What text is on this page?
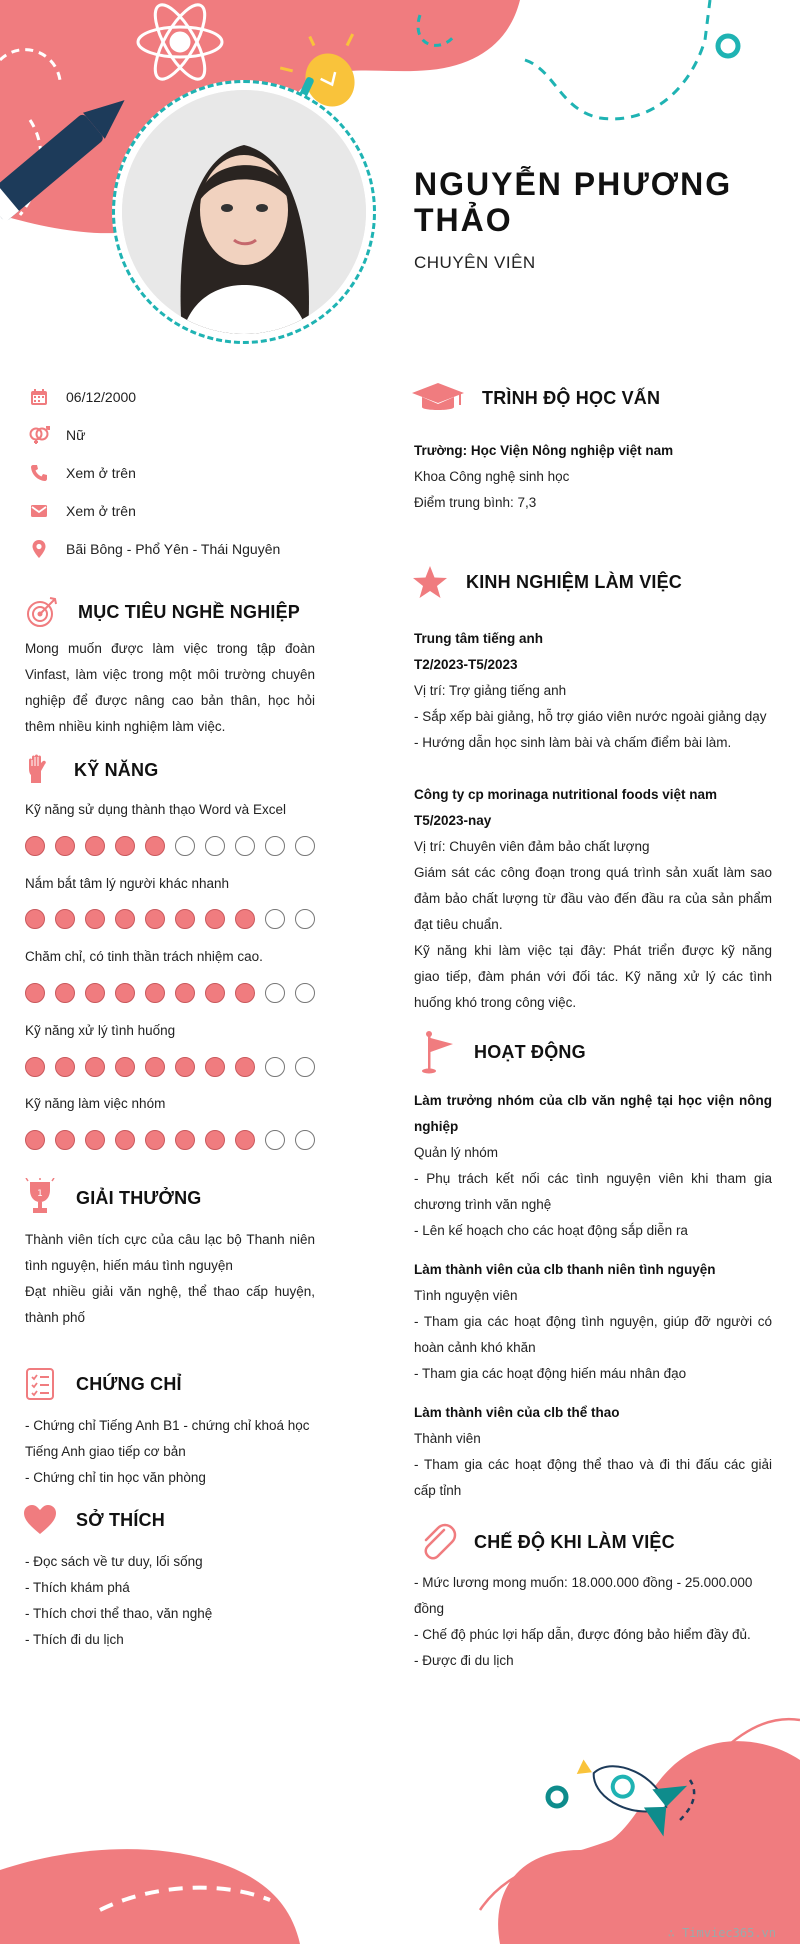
NGUYỄN PHƯƠNG
THẢO
CHUYÊN VIÊN
06/12/2000
Nữ
Xem ở trên
Xem ở trên
Bãi Bông - Phổ Yên - Thái Nguyên
MỤC TIÊU NGHỀ NGHIỆP
Mong muốn được làm việc trong tập đoàn
Vinfast, làm việc trong một môi trường chuyên
nghiệp để được nâng cao bản thân, học hỏi
thêm nhiều kinh nghiệm làm việc.
KỸ NĂNG
Kỹ năng sử dụng thành thạo Word và Excel
Nắm bắt tâm lý người khác nhanh
Chăm chỉ, có tinh thần trách nhiệm cao.
Kỹ năng xử lý tình huống
Kỹ năng làm việc nhóm
1 GIẢI THƯỞNG
Thành viên tích cực của câu lạc bộ Thanh niên
tình nguyện, hiến máu tình nguyện
Đạt nhiều giải văn nghệ, thể thao cấp huyện,
thành phố
CHỨNG CHỈ
- Chứng chỉ Tiếng Anh B1 - chứng chỉ khoá học
Tiếng Anh giao tiếp cơ bản
- Chứng chỉ tin học văn phòng
SỞ THÍCH
- Đọc sách về tư duy, lối sống
- Thích khám phá
- Thích chơi thể thao, văn nghệ
- Thích đi du lịch
TRÌNH ĐỘ HỌC VẤN
Trường: Học Viện Nông nghiệp việt nam
Khoa Công nghệ sinh học
Điểm trung bình: 7,3
KINH NGHIỆM LÀM VIỆC
Trung tâm tiếng anh
T2/2023-T5/2023
Vị trí: Trợ giảng tiếng anh
- Sắp xếp bài giảng, hỗ trợ giáo viên nước ngoài giảng dạy
- Hướng dẫn học sinh làm bài và chấm điểm bài làm.
Công ty cp morinaga nutritional foods việt nam
T5/2023-nay
Vị trí: Chuyên viên đảm bảo chất lượng
Giám sát các công đoạn trong quá trình sản xuất làm sao
đảm bảo chất lượng từ đầu vào đến đầu ra của sản phẩm
đạt tiêu chuẩn.
Kỹ năng khi làm việc tại đây: Phát triển được kỹ năng
giao tiếp, đàm phán với đối tác. Kỹ năng xử lý các tình
huống khó trong công việc.
HOẠT ĐỘNG
Làm trưởng nhóm của clb văn nghệ tại học viện nông
nghiệp
Quản lý nhóm
- Phụ trách kết nối các tình nguyện viên khi tham gia
chương trình văn nghệ
- Lên kế hoạch cho các hoạt động sắp diễn ra
Làm thành viên của clb thanh niên tình nguyện
Tình nguyện viên
- Tham gia các hoạt động tình nguyện, giúp đỡ người có
hoàn cảnh khó khăn
- Tham gia các hoạt động hiến máu nhân đạo
Làm thành viên của clb thể thao
Thành viên
- Tham gia các hoạt động thể thao và đi thi đấu các giải
cấp tỉnh
CHẾ ĐỘ KHI LÀM VIỆC
- Mức lương mong muốn: 18.000.000 đồng - 25.000.000
đồng
- Chế độ phúc lợi hấp dẫn, được đóng bảo hiểm đầy đủ.
- Được đi du lịch
∴ Timviec365.vn
